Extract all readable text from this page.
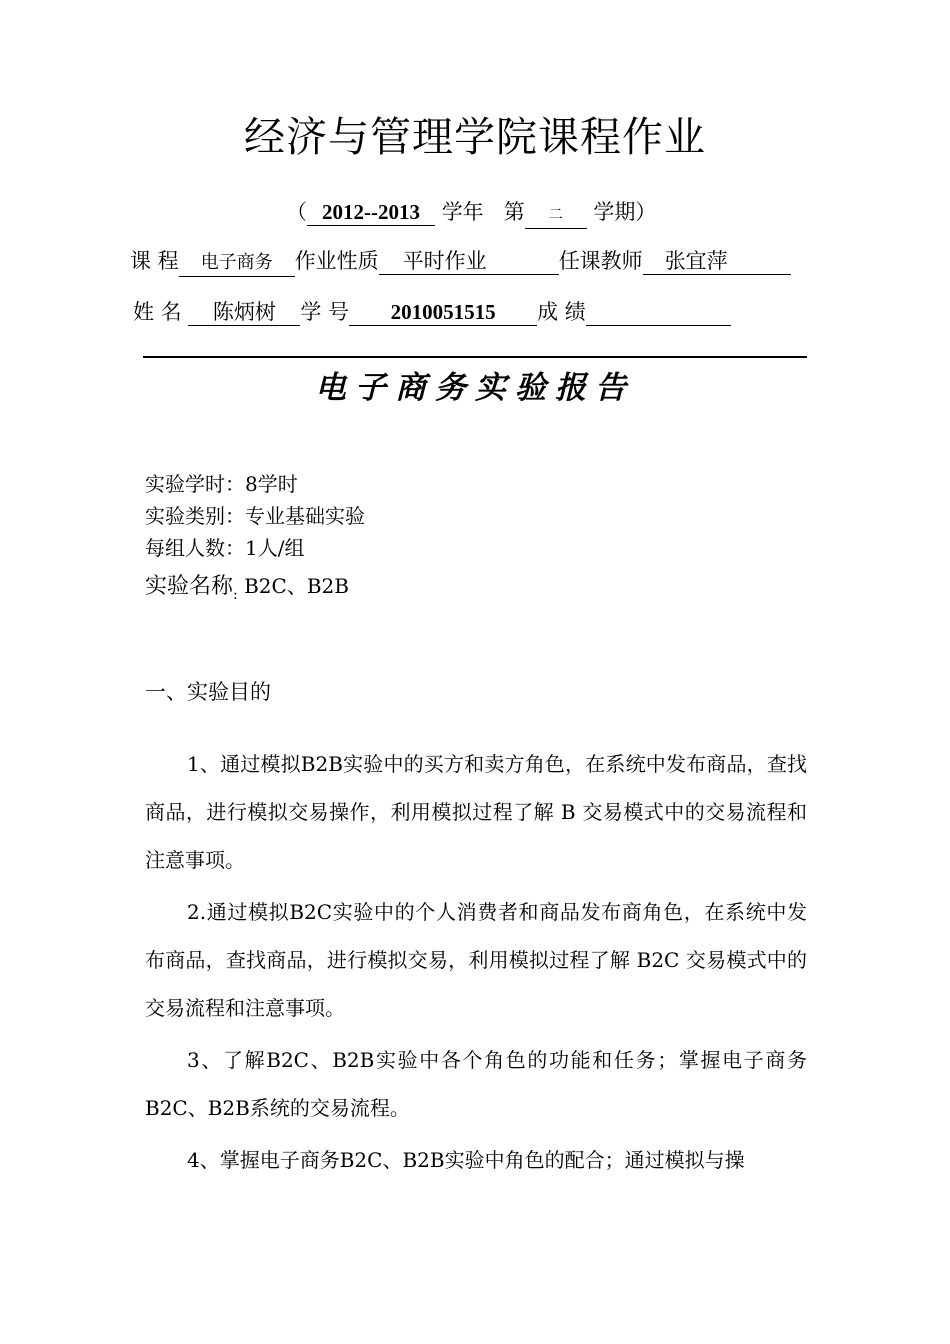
经济与管理学院课程作业
（ 2012--2013 学年 第 二 学期）
课 程 电子商务 作业性质 平时作业	任课教师 张宜萍
姓 名 陈炳树 学 号 2010051515 成 绩
电子商务实验报告
实验学时：8学时
实验类别：专业基础实验
每组人数：1人/组
实验名称$_:$ B2C、B2B
一、实验目的
1、通过模拟B2B实验中的买方和卖方角色，在系统中发布商品，查找商品，进行模拟交易操作，利用模拟过程了解 B 交易模式中的交易流程和注意事项。
2.通过模拟B2C实验中的个人消费者和商品发布商角色，在系统中发布商品，查找商品，进行模拟交易，利用模拟过程了解 B2C 交易模式中的交易流程和注意事项。
3、了解B2C、B2B实验中各个角色的功能和任务；掌握电子商务B2C、B2B系统的交易流程。
4、掌握电子商务B2C、B2B实验中角色的配合；通过模拟与操
